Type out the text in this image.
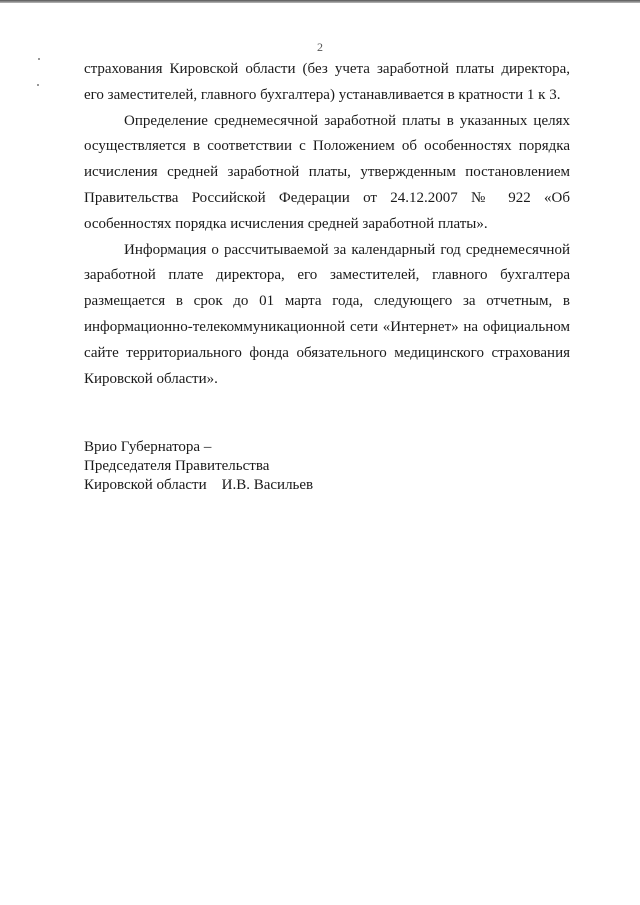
2

страхования Кировской области (без учета заработной платы директора, его заместителей, главного бухгалтера) устанавливается в кратности 1 к 3.

Определение среднемесячной заработной платы в указанных целях осуществляется в соответствии с Положением об особенностях порядка исчисления средней заработной платы, утвержденным постановлением Правительства Российской Федерации от 24.12.2007 № 922 «Об особенностях порядка исчисления средней заработной платы».

Информация о рассчитываемой за календарный год среднемесячной заработной плате директора, его заместителей, главного бухгалтера размещается в срок до 01 марта года, следующего за отчетным, в информационно-телекоммуникационной сети «Интернет» на официальном сайте территориального фонда обязательного медицинского страхования Кировской области».

Врио Губернатора –
Председателя Правительства
Кировской области    И.В. Васильев
